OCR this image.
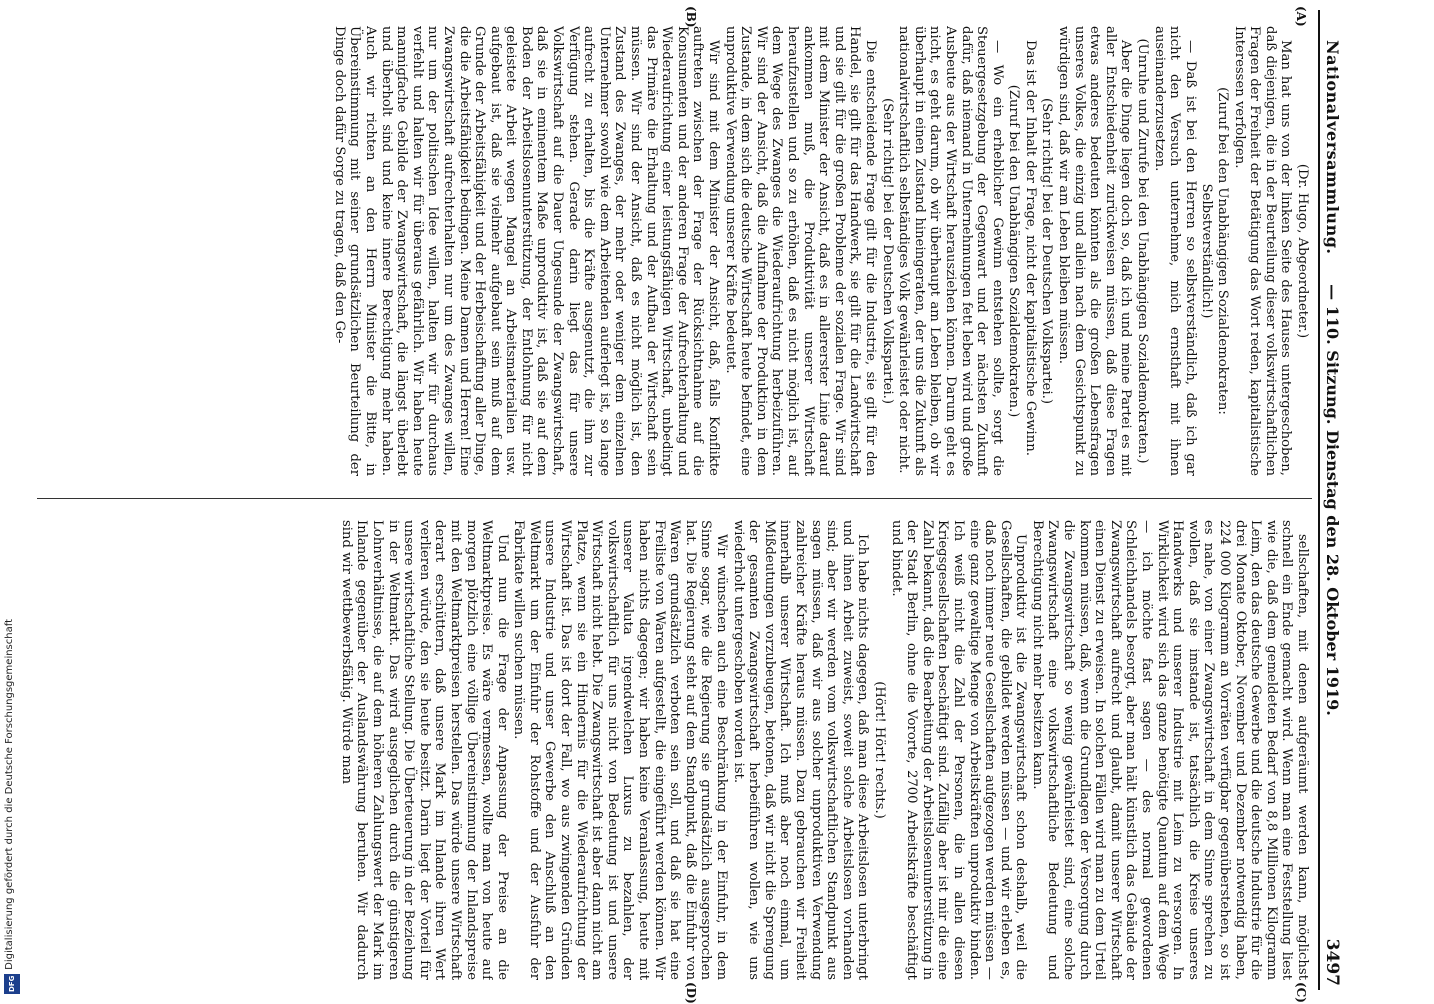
Digitalisierung gefördert durch die Deutsche Forschungsgemeinschaft
DFG
Nationalversammlung.
— 110. Sitzung. Dienstag den 28. Oktober 1919.
3497
(A)
(B)
(C)
(D)

(Dr. Hugo, Abgeordneter.)

Man hat uns von der linken Seite des Hauses untergeschoben, daß diejenigen, die in der Beurteilung dieser volkswirtschaftlichen Fragen der Freiheit der Betätigung das Wort reden, kapitalistische Interessen verfolgen.

(Zuruf bei den Unabhängigen Sozialdemokraten: Selbstverständlich!)

— Daß ist bei den Herren so selbstverständlich, daß ich gar nicht den Versuch unternehme, mich ernsthaft mit ihnen auseinanderzusetzen.

(Unruhe und Zurufe bei den Unabhängigen Sozialdemokraten.)

Aber die Dinge liegen doch so, daß ich und meine Partei es mit aller Entschiedenheit zurückweisen müssen, daß diese Fragen etwas anderes bedeuten könnten als die großen Lebensfragen unseres Volkes, die einzig und allein nach dem Gesichtspunkt zu würdigen sind, daß wir am Leben bleiben müssen.

(Sehr richtig! bei der Deutschen Volkspartei.)

Das ist der Inhalt der Frage, nicht der kapitalistische Gewinn.

(Zuruf bei den Unabhängigen Sozialdemokraten.)

— Wo ein erheblicher Gewinn entstehen sollte, sorgt die Steuergesetzgebung der Gegenwart und der nächsten Zukunft dafür, daß niemand in Unternehmungen fett leben wird und große Ausbeute aus der Wirtschaft herausziehen können. Darum geht es nicht, es geht darum, ob wir überhaupt am Leben bleiben, ob wir überhaupt in einen Zustand hineingeraten, der uns die Zukunft als nationalwirtschaftlich selbständiges Volk gewährleistet oder nicht.

(Sehr richtig! bei der Deutschen Volkspartei.)

Die entscheidende Frage gilt für die Industrie, sie gilt für den Handel, sie gilt für das Handwerk, sie gilt für die Landwirtschaft und sie gilt für die großen Probleme der sozialen Frage. Wir sind mit dem Minister der Ansicht, daß es in allererster Linie darauf ankommen muß, die Produktivität unserer Wirtschaft heraufzustellen und so zu erhöhen, daß es nicht möglich ist, auf dem Wege des Zwanges die Wiederaufrichtung herbeizuführen. Wir sind der Ansicht, daß die Aufnahme der Produktion in dem Zustande, in dem sich die deutsche Wirtschaft heute befindet, eine unproduktive Verwendung unserer Kräfte bedeutet.

Wir sind mit dem Minister der Ansicht, daß, falls Konflikte auftreten zwischen der Frage der Rücksichtnahme auf die Konsumenten und der anderen Frage der Aufrechterhaltung und Wiederaufrichtung einer leistungsfähigen Wirtschaft, unbedingt das Primäre die Erhaltung und der Aufbau der Wirtschaft sein müssen. Wir sind der Ansicht, daß es nicht möglich ist, den Zustand des Zwanges, der mehr oder weniger dem einzelnen Unternehmer sowohl wie dem Arbeitenden auferlegt ist, so lange aufrecht zu erhalten, bis die Kräfte ausgenutzt, die ihm zur Verfügung stehen. Gerade darin liegt das für unsere Volkswirtschaft auf die Dauer Ungesunde der Zwangswirtschaft, daß sie in eminentem Maße unproduktiv ist, daß sie auf dem Boden der Arbeitslosenunterstützung, der Entlohnung für nicht geleistete Arbeit wegen Mangel an Arbeitsmaterialien usw. aufgebaut ist, daß sie vielmehr aufgebaut sein muß auf dem Grunde der Arbeitsfähigkeit und der Herbeischaffung aller Dinge, die die Arbeitsfähigkeit bedingen. Meine Damen und Herren! Eine Zwangswirtschaft aufrechterhalten nur um des Zwanges willen, nur um der politischen Idee willen, halten wir für durchaus verfehlt und halten wir für überaus gefährlich. Wir haben heute mannigfache Gebilde der Zwangswirtschaft, die längst überlebt und überholt sind und keine innere Berechtigung mehr haben. Auch wir richten an den Herrn Minister die Bitte, in Übereinstimmung mit seiner grundsätzlichen Beurteilung der Dinge doch dafür Sorge zu tragen, daß den Ge-

sellschaften, mit denen aufgeräumt werden kann, möglichst schnell ein Ende gemacht wird. Wenn man eine Feststellung liest wie die, daß dem gemeldeten Bedarf von 8,8 Millionen Kilogramm Leim, den das deutsche Gewerbe und die deutsche Industrie für die drei Monate Oktober, November und Dezember notwendig haben, 224 000 Kilogramm an Vorräten verfügbar gegenüberstehen, so ist es nahe, von einer Zwangswirtschaft in dem Sinne sprechen zu wollen, daß sie imstande ist, tatsächlich die Kreise unseres Handwerks und unserer Industrie mit Leim zu versorgen. In Wirklichkeit wird sich das ganze benötigte Quantum auf dem Wege — ich möchte fast sagen — des normal gewordenen Schleichhandels besorgt, aber man hält künstlich das Gebäude der Zwangswirtschaft aufrecht und glaubt, damit unserer Wirtschaft einen Dienst zu erweisen. In solchen Fällen wird man zu dem Urteil kommen müssen, daß, wenn die Grundlagen der Versorgung durch die Zwangswirtschaft so wenig gewährleistet sind, eine solche Zwangswirtschaft eine volkswirtschaftliche Bedeutung und Berechtigung nicht mehr besitzen kann.

Unproduktiv ist die Zwangswirtschaft schon deshalb, weil die Gesellschaften, die gebildet werden müssen — und wir erleben es, daß noch immer neue Gesellschaften aufgezogen werden müssen — eine ganz gewaltige Menge von Arbeitskräften unproduktiv binden. Ich weiß nicht die Zahl der Personen, die in allen diesen Kriegsgesellschaften beschäftigt sind. Zufällig aber ist mir die eine Zahl bekannt, daß die Bearbeitung der Arbeitslosenunterstützung in der Stadt Berlin, ohne die Vororte, 2700 Arbeitskräfte beschäftigt und bindet.

(Hört! Hört! rechts.)

Ich habe nichts dagegen, daß man diese Arbeitslosen unterbringt und ihnen Arbeit zuweist, soweit solche Arbeitslosen vorhanden sind; aber wir werden vom volkswirtschaftlichen Standpunkt aus sagen müssen, daß wir aus solcher unproduktiven Verwendung zahlreicher Kräfte heraus müssen. Dazu gebrauchen wir Freiheit innerhalb unserer Wirtschaft. Ich muß aber noch einmal, um Mißdeutungen vorzubeugen, betonen, daß wir nicht die Sprengung der gesamten Zwangswirtschaft herbeiführen wollen, wie uns wiederholt untergeschoben worden ist.

Wir wünschen auch eine Beschränkung in der Einfuhr, in dem Sinne sogar, wie die Regierung sie grundsätzlich ausgesprochen hat. Die Regierung steht auf dem Standpunkt, daß die Einfuhr von Waren grundsätzlich verboten sein soll, und daß sie hat eine Freiliste von Waren aufgestellt, die eingeführt werden können. Wir haben nichts dagegen; wir haben keine Veranlassung, heute mit unserer Valuta irgendwelchen Luxus zu bezahlen, der volkswirtschaftlich für uns nicht von Bedeutung ist und unsere Wirtschaft nicht hebt. Die Zwangswirtschaft ist aber dann nicht am Platze, wenn sie ein Hindernis für die Wiederaufrichtung der Wirtschaft ist. Das ist dort der Fall, wo aus zwingenden Gründen unsere Industrie und unser Gewerbe den Anschluß an den Weltmarkt um der Einfuhr der Rohstoffe und der Ausfuhr der Fabrikate willen suchen müssen.

Und nun die Frage der Anpassung der Preise an die Weltmarktpreise. Es wäre vermessen, wollte man von heute auf morgen plötzlich eine völlige Übereinstimmung der Inlandspreise mit den Weltmarktpreisen herstellen. Das würde unsere Wirtschaft derart erschüttern, daß unsere Mark im Inlande ihren Wert verlieren würde, den sie heute besitzt. Darin liegt der Vorteil für unsere wirtschaftliche Stellung. Die Überteuerung in der Beziehung in der Weltmarkt. Das wird ausgeglichen durch die günstigeren Lohnverhältnisse, die auf dem höheren Zahlungswert der Mark im Inlande gegenüber der Auslandswährung beruhen. Wir dadurch sind wir wettbewerbsfähig. Würde man
